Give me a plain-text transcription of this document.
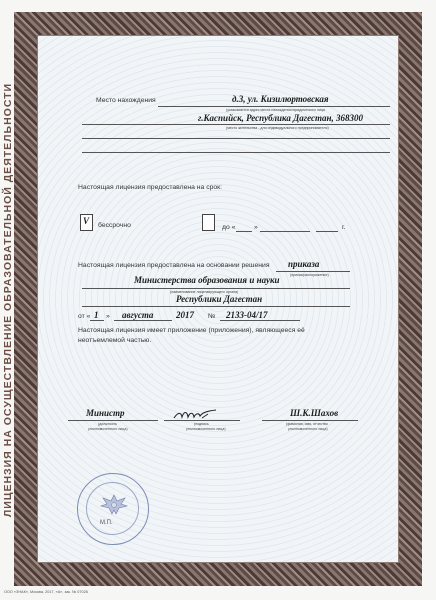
ЛИЦЕНЗИЯ НА ОСУЩЕСТВЛЕНИЕ ОБРАЗОВАТЕЛЬНОЙ ДЕЯТЕЛЬНОСТИ	Место нахождения	д.3, ул. Кизилюртовская
(указываются адрес места нахождения юридического лица
г.Каспийск, Республика Дагестан, 368300
(место жительства - для индивидуального предпринимателя)
Настоящая лицензия предоставлена на срок:
V бессрочно	до «	»	г.
Настоящая лицензия предоставлена на основании решения приказа
(приказ/распоряжение)
Министерства образования и науки
(наименование лицензирующего органа)
Республики Дагестан
от « 1 » августа	2017 № 2133-04/17
Настоящая лицензия имеет приложение (приложения), являющееся её
неотъемлемой частью.
Министр
(должность
уполномоченного лица)
(подпись
уполномоченного лица)
Ш.К.Шахов
(фамилия, имя, отчество
уполномоченного лица)
М.П.
ООО «ЗНАК», Москва, 2017, «А», зак. № 07026
